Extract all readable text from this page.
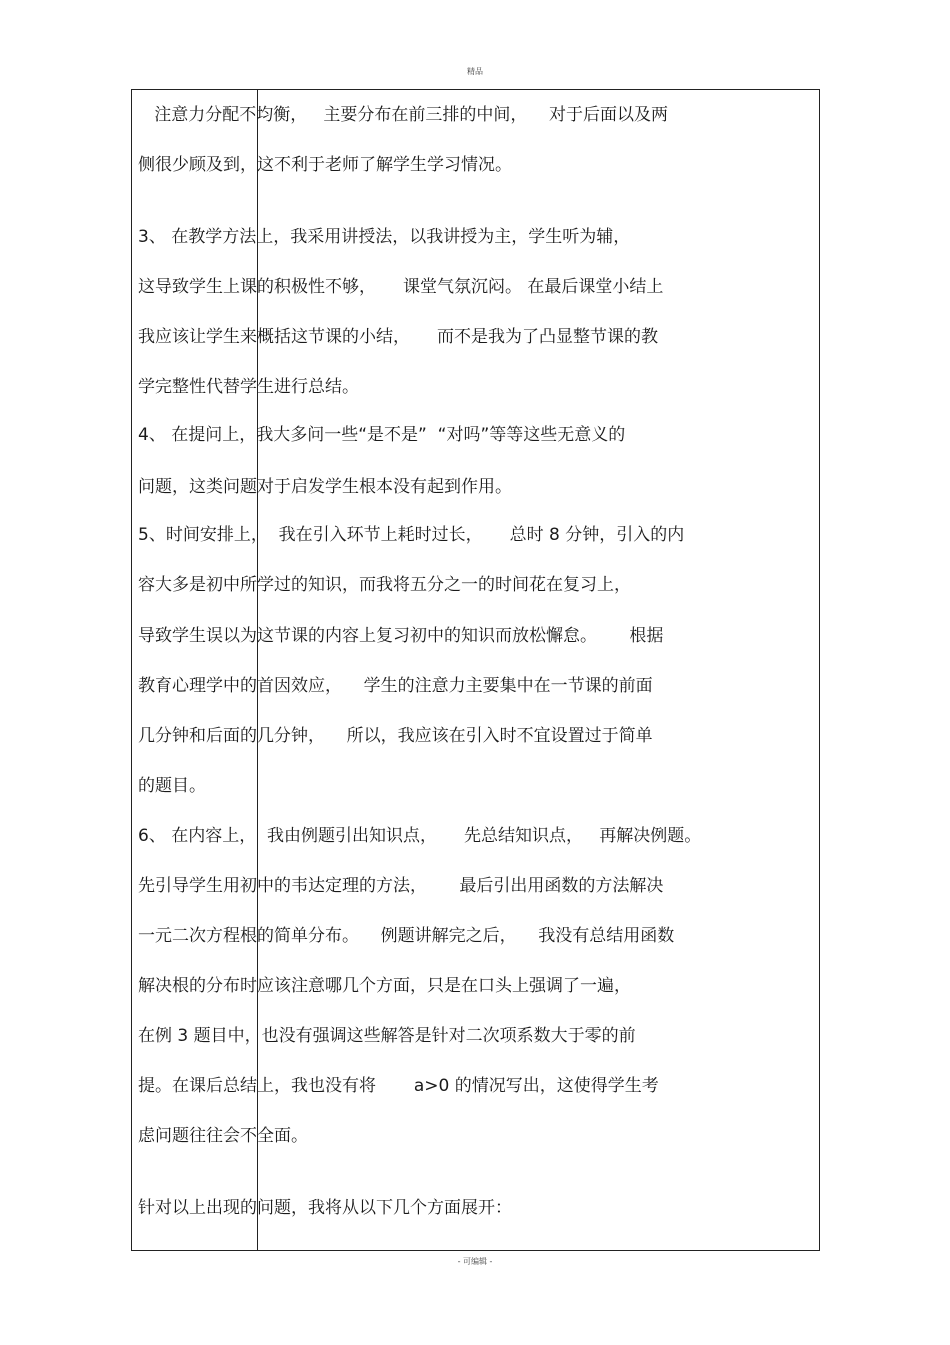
精品
注意力分配不均衡，   主要分布在前三排的中间，    对于后面以及两
侧很少顾及到，这不利于老师了解学生学习情况。
3、 在教学方法上，我采用讲授法，以我讲授为主，学生听为辅，
这导致学生上课的积极性不够，     课堂气氛沉闷。 在最后课堂小结上
我应该让学生来概括这节课的小结，     而不是我为了凸显整节课的教
学完整性代替学生进行总结。
4、 在提问上，我大多问一些“是不是”  “对吗”等等这些无意义的
问题，这类问题对于启发学生根本没有起到作用。
5、时间安排上，  我在引入环节上耗时过长，     总时 8 分钟，引入的内
容大多是初中所学过的知识，而我将五分之一的时间花在复习上，
导致学生误以为这节课的内容上复习初中的知识而放松懈怠。      根据
教育心理学中的首因效应，    学生的注意力主要集中在一节课的前面
几分钟和后面的几分钟，    所以，我应该在引入时不宜设置过于简单
的题目。
6、 在内容上，  我由例题引出知识点，     先总结知识点，   再解决例题。
先引导学生用初中的韦达定理的方法，      最后引出用函数的方法解决
一元二次方程根的简单分布。    例题讲解完之后，    我没有总结用函数
解决根的分布时应该注意哪几个方面，只是在口头上强调了一遍，
在例 3 题目中，也没有强调这些解答是针对二次项系数大于零的前
提。在课后总结上，我也没有将       a>0 的情况写出，这使得学生考
虑问题往往会不全面。
针对以上出现的问题，我将从以下几个方面展开：
- 可编辑 -
